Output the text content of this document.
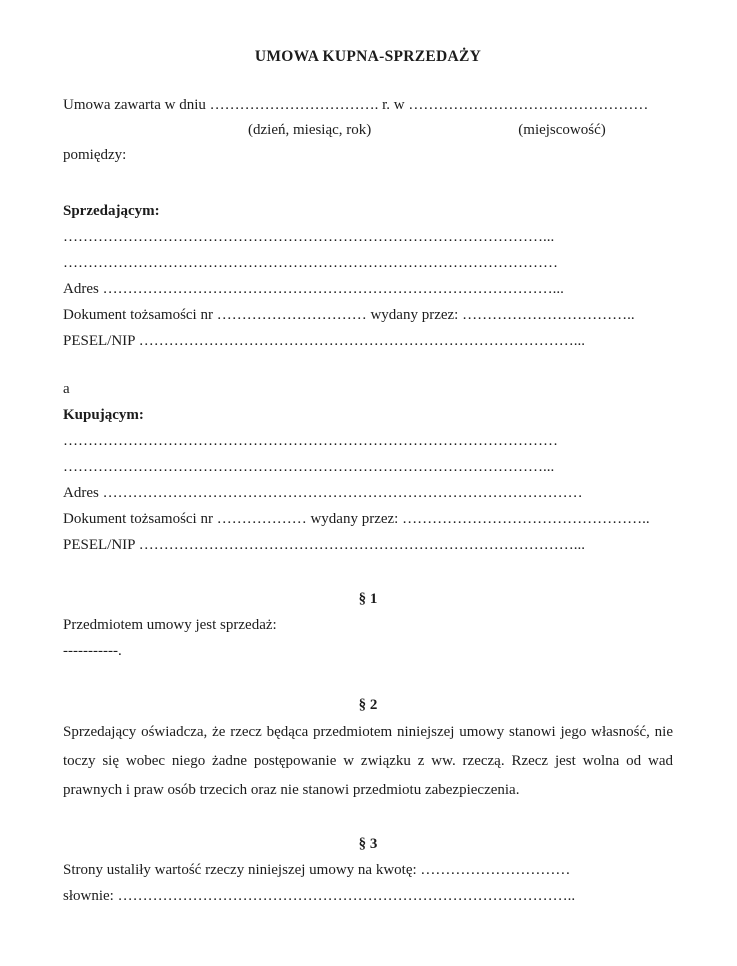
UMOWA KUPNA-SPRZEDAŻY
Umowa zawarta w dniu ……………………………. r. w …………………………………………
(dzień, miesiąc, rok)	(miejscowość)
pomiędzy:
Sprzedającym:
……………………………………………………………………………………...
………………………………………………………………………………………
Adres ………………………………………………………………………………...
Dokument tożsamości nr ………………………… wydany przez: ……………………………..
PESEL/NIP ……………………………………………………………………………...
a
Kupującym:
………………………………………………………………………………………
……………………………………………………………………………………...
Adres ……………………………………………………………………………………
Dokument tożsamości nr ……………… wydany przez: …………………………………………..
PESEL/NIP ……………………………………………………………………………...
§ 1
Przedmiotem umowy jest sprzedaż:
-----------.
§ 2
Sprzedający oświadcza, że rzecz będąca przedmiotem niniejszej umowy stanowi jego własność, nie toczy się wobec niego żadne postępowanie w związku z ww. rzeczą. Rzecz jest wolna od wad prawnych i praw osób trzecich oraz nie stanowi przedmiotu zabezpieczenia.
§ 3
Strony ustaliły wartość rzeczy niniejszej umowy na kwotę: …………………………
słownie: ………………………………………………………………………………..
